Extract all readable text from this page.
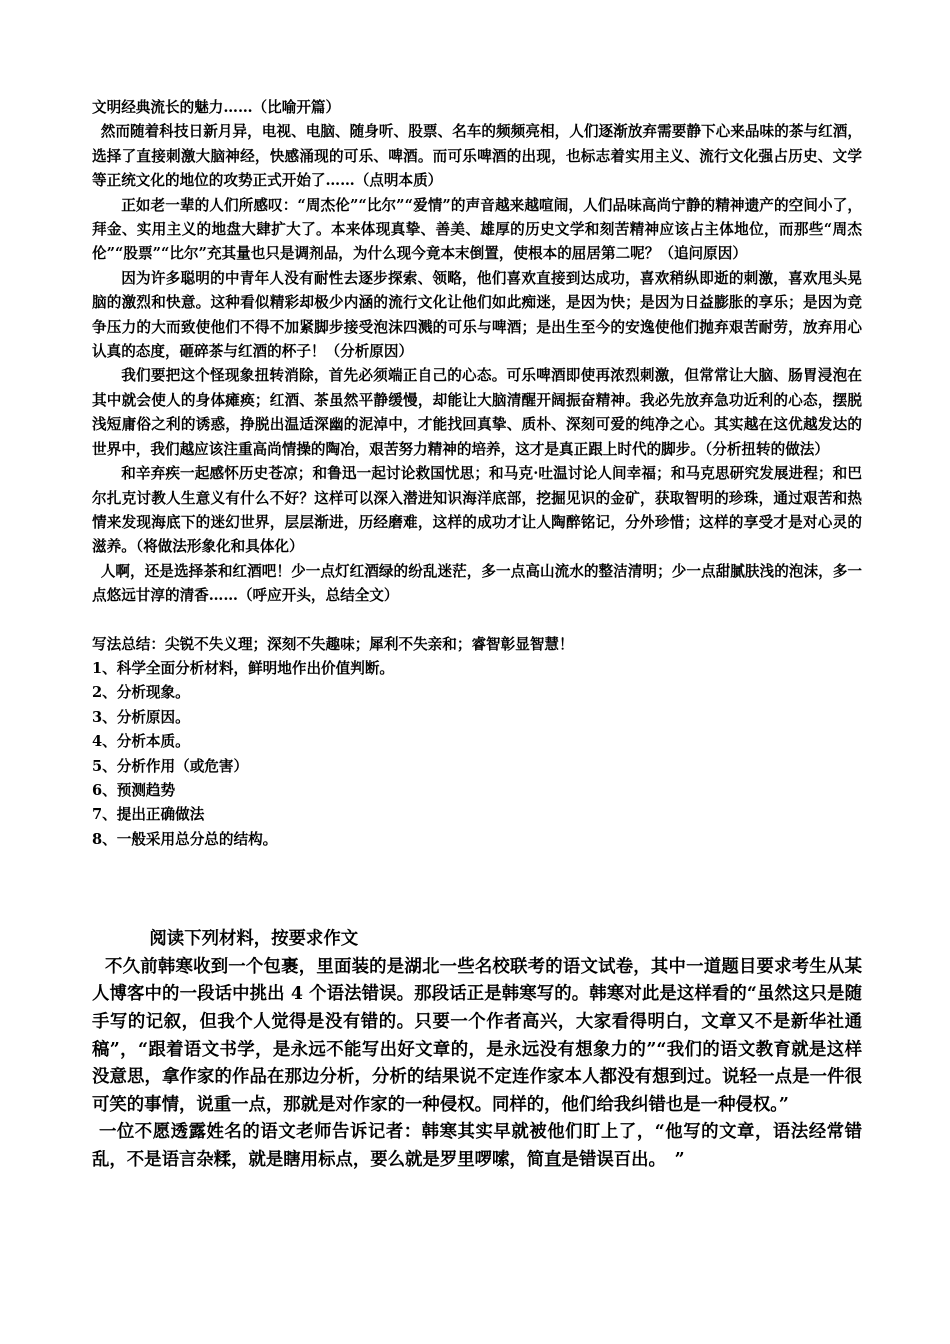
文明经典流长的魅力……（比喻开篇）

然而随着科技日新月异，电视、电脑、随身听、股票、名车的频频亮相，人们逐渐放弃需要静下心来品味的茶与红酒，选择了直接刺激大脑神经，快感涌现的可乐、啤酒。而可乐啤酒的出现，也标志着实用主义、流行文化强占历史、文学等正统文化的地位的攻势正式开始了……（点明本质）

正如老一辈的人们所感叹：“周杰伦”“比尔”“爱情”的声音越来越喧闹，人们品味高尚宁静的精神遗产的空间小了，拜金、实用主义的地盘大肆扩大了。本来体现真挚、善美、雄厚的历史文学和刻苦精神应该占主体地位，而那些“周杰伦”“股票”“比尔”充其量也只是调剂品，为什么现今竟本末倒置，使根本的屈居第二呢？（追问原因）

因为许多聪明的中青年人没有耐性去逐步探索、领略，他们喜欢直接到达成功，喜欢稍纵即逝的刺激，喜欢甩头晃脑的激烈和快意。这种看似精彩却极少内涵的流行文化让他们如此痴迷，是因为快；是因为日益膨胀的享乐；是因为竞争压力的大而致使他们不得不加紧脚步接受泡沫四溅的可乐与啤酒；是出生至今的安逸使他们抛弃艰苦耐劳，放弃用心认真的态度，砸碎茶与红酒的杯子！（分析原因）

我们要把这个怪现象扭转消除，首先必须端正自己的心态。可乐啤酒即使再浓烈刺激，但常常让大脑、肠胃浸泡在其中就会使人的身体瘫痪；红酒、茶虽然平静缓慢，却能让大脑清醒开阔振奋精神。我必先放弃急功近利的心态，摆脱浅短庸俗之利的诱惑，挣脱出温适深幽的泥淖中，才能找回真挚、质朴、深刻可爱的纯净之心。其实越在这优越发达的世界中，我们越应该注重高尚情操的陶冶，艰苦努力精神的培养，这才是真正跟上时代的脚步。（分析扭转的做法）

和辛弃疾一起感怀历史苍凉；和鲁迅一起讨论救国忧思；和马克·吐温讨论人间幸福；和马克思研究发展进程；和巴尔扎克讨教人生意义有什么不好？这样可以深入潜进知识海洋底部，挖掘见识的金矿，获取智明的珍珠，通过艰苦和热情来发现海底下的迷幻世界，层层渐进，历经磨难，这样的成功才让人陶醉铭记，分外珍惜；这样的享受才是对心灵的滋养。（将做法形象化和具体化）

人啊，还是选择茶和红酒吧！少一点灯红酒绿的纷乱迷茫，多一点高山流水的整洁清明；少一点甜腻肤浅的泡沫，多一点悠远甘淳的清香……（呼应开头，总结全文）

写法总结：尖锐不失义理；深刻不失趣味；犀利不失亲和；睿智彰显智慧！

1、科学全面分析材料，鲜明地作出价值判断。

2、分析现象。

3、分析原因。

4、分析本质。

5、分析作用（或危害）

6、预测趋势

7、提出正确做法

8、一般采用总分总的结构。

阅读下列材料，按要求作文

不久前韩寒收到一个包裹，里面装的是湖北一些名校联考的语文试卷，其中一道题目要求考生从某人博客中的一段话中挑出 4 个语法错误。那段话正是韩寒写的。韩寒对此是这样看的“虽然这只是随手写的记叙，但我个人觉得是没有错的。只要一个作者高兴，大家看得明白，文章又不是新华社通稿”，“跟着语文书学，是永远不能写出好文章的，是永远没有想象力的”“我们的语文教育就是这样没意思，拿作家的作品在那边分析，分析的结果说不定连作家本人都没有想到过。说轻一点是一件很可笑的事情，说重一点，那就是对作家的一种侵权。同样的，他们给我纠错也是一种侵权。”

一位不愿透露姓名的语文老师告诉记者：韩寒其实早就被他们盯上了，“他写的文章，语法经常错乱，不是语言杂糅，就是瞎用标点，要么就是罗里啰嗦，简直是错误百出。　”
